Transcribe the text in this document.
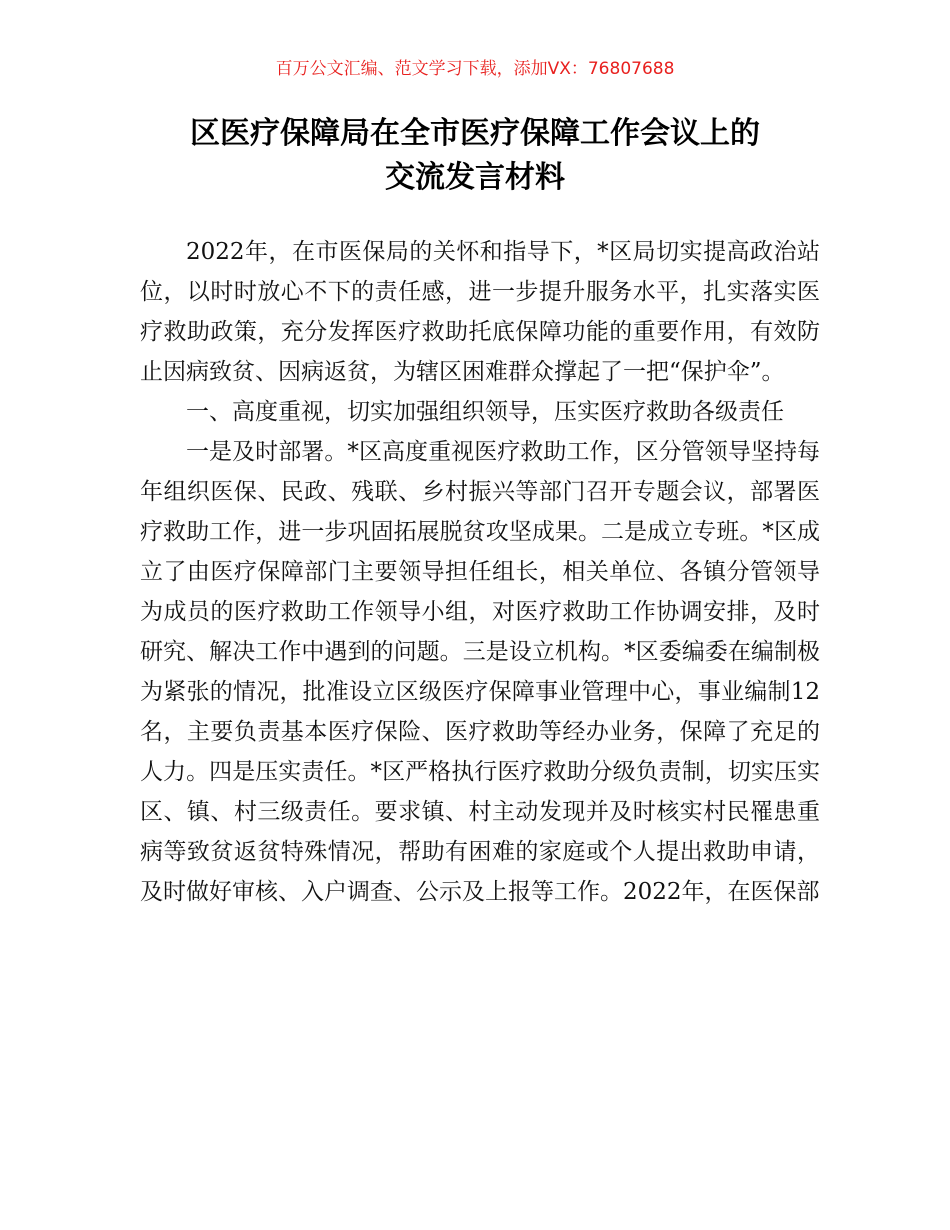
百万公文汇编、范文学习下载，添加VX：76807688
区医疗保障局在全市医疗保障工作会议上的
交流发言材料

2022年，在市医保局的关怀和指导下，*区局切实提高政治站位，以时时放心不下的责任感，进一步提升服务水平，扎实落实医疗救助政策，充分发挥医疗救助托底保障功能的重要作用，有效防止因病致贫、因病返贫，为辖区困难群众撑起了一把“保护伞”。

一、高度重视，切实加强组织领导，压实医疗救助各级责任

一是及时部署。*区高度重视医疗救助工作，区分管领导坚持每年组织医保、民政、残联、乡村振兴等部门召开专题会议，部署医疗救助工作，进一步巩固拓展脱贫攻坚成果。二是成立专班。*区成立了由医疗保障部门主要领导担任组长，相关单位、各镇分管领导为成员的医疗救助工作领导小组，对医疗救助工作协调安排，及时研究、解决工作中遇到的问题。三是设立机构。*区委编委在编制极为紧张的情况，批准设立区级医疗保障事业管理中心，事业编制12名，主要负责基本医疗保险、医疗救助等经办业务，保障了充足的人力。四是压实责任。*区严格执行医疗救助分级负责制，切实压实区、镇、村三级责任。要求镇、村主动发现并及时核实村民罹患重病等致贫返贫特殊情况，帮助有困难的家庭或个人提出救助申请，及时做好审核、入户调查、公示及上报等工作。2022年，在医保部
